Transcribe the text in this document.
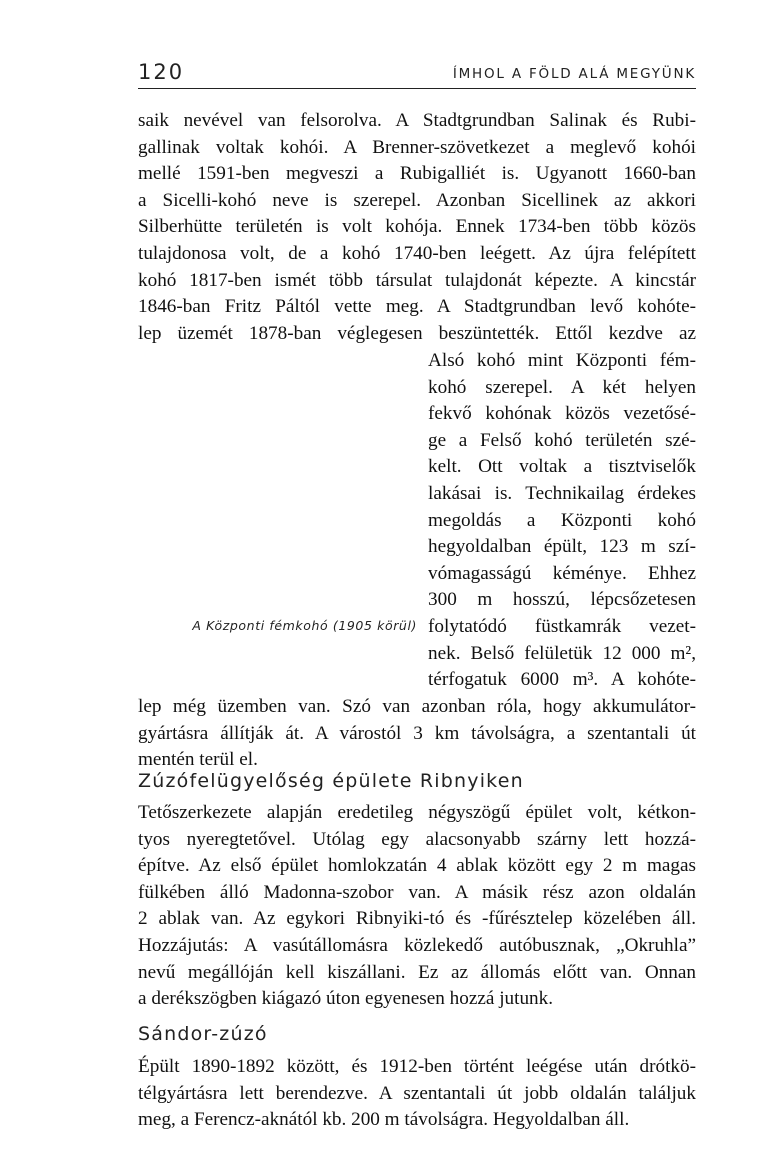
120	ÍMHOL A FÖLD ALÁ MEGYÜNK
saik nevével van felsorolva. A Stadtgrundban Salinak és Rubi-
gallinak voltak kohói. A Brenner-szövetkezet a meglevő kohói
mellé 1591-ben megveszi a Rubigalliét is. Ugyanott 1660-ban
a Sicelli-kohó neve is szerepel. Azonban Sicellinek az akkori
Silberhütte területén is volt kohója. Ennek 1734-ben több közös
tulajdonosa volt, de a kohó 1740-ben leégett. Az újra felépített
kohó 1817-ben ismét több társulat tulajdonát képezte. A kincstár
1846-ban Fritz Páltól vette meg. A Stadtgrundban levő kohóte-
lep üzemét 1878-ban véglegesen beszüntették. Ettől kezdve az
Alsó kohó mint Központi fém-
kohó szerepel. A két helyen
fekvő kohónak közös vezetősé-
ge a Felső kohó területén szé-
kelt. Ott voltak a tisztviselők
lakásai is. Technikailag érdekes
megoldás a Központi kohó
hegyoldalban épült, 123 m szí-
vómagasságú kéménye. Ehhez
300 m hosszú, lépcsőzetesen
folytatódó füstkamrák vezet-
nek. Belső felületük 12 000 m²,
térfogatuk 6000 m³. A kohóte-
A Központi fémkohó (1905 körül)
lep még üzemben van. Szó van azonban róla, hogy akkumulátor-
gyártásra állítják át. A várostól 3 km távolságra, a szentantali út
mentén terül el.
Zúzófelügyelőség épülete Ribnyiken
Tetőszerkezete alapján eredetileg négyszögű épület volt, kétkon-
tyos nyeregtetővel. Utólag egy alacsonyabb szárny lett hozzá-
építve. Az első épület homlokzatán 4 ablak között egy 2 m magas
fülkében álló Madonna-szobor van. A másik rész azon oldalán
2 ablak van. Az egykori Ribnyiki-tó és -fűrésztelep közelében áll.
Hozzájutás: A vasútállomásra közlekedő autóbusznak, „Okruhla”
nevű megállóján kell kiszállani. Ez az állomás előtt van. Onnan
a derékszögben kiágazó úton egyenesen hozzá jutunk.
Sándor-zúzó
Épült 1890-1892 között, és 1912-ben történt leégése után drótkö-
télgyártásra lett berendezve. A szentantali út jobb oldalán találjuk
meg, a Ferencz-aknától kb. 200 m távolságra. Hegyoldalban áll.
